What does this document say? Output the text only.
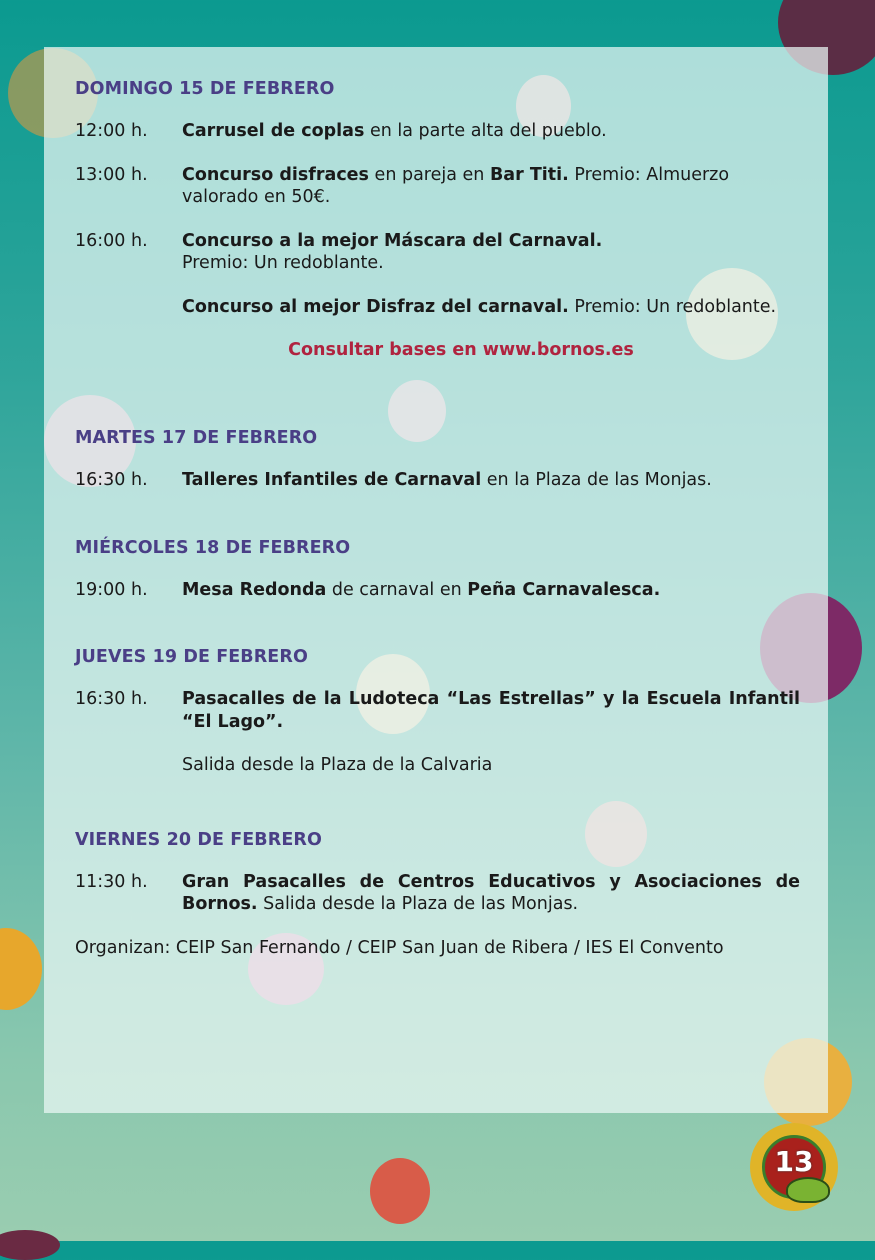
DOMINGO 15 DE FEBRERO
12:00 h.	Carrusel de coplas en la parte alta del pueblo.
13:00 h.	Concurso disfraces en pareja en Bar Titi. Premio: Almuerzo valorado en 50€.
16:00 h.	Concurso a la mejor Máscara del Carnaval.
Premio: Un redoblante.
Concurso al mejor Disfraz del carnaval. Premio: Un redoblante.
Consultar bases en www.bornos.es
MARTES 17 DE FEBRERO
16:30 h.	Talleres Infantiles de Carnaval en la Plaza de las Monjas.
MIÉRCOLES 18 DE FEBRERO
19:00 h.	Mesa Redonda de carnaval en Peña Carnavalesca.
JUEVES 19 DE FEBRERO
16:30 h.	Pasacalles de la Ludoteca “Las Estrellas” y la Escuela Infantil “El Lago”.
Salida desde la Plaza de la Calvaria
VIERNES 20 DE FEBRERO
11:30 h.	Gran Pasacalles de Centros Educativos y Asociaciones de Bornos. Salida desde la Plaza de las Monjas.
Organizan: CEIP San Fernando / CEIP San Juan de Ribera / IES El Convento
13
